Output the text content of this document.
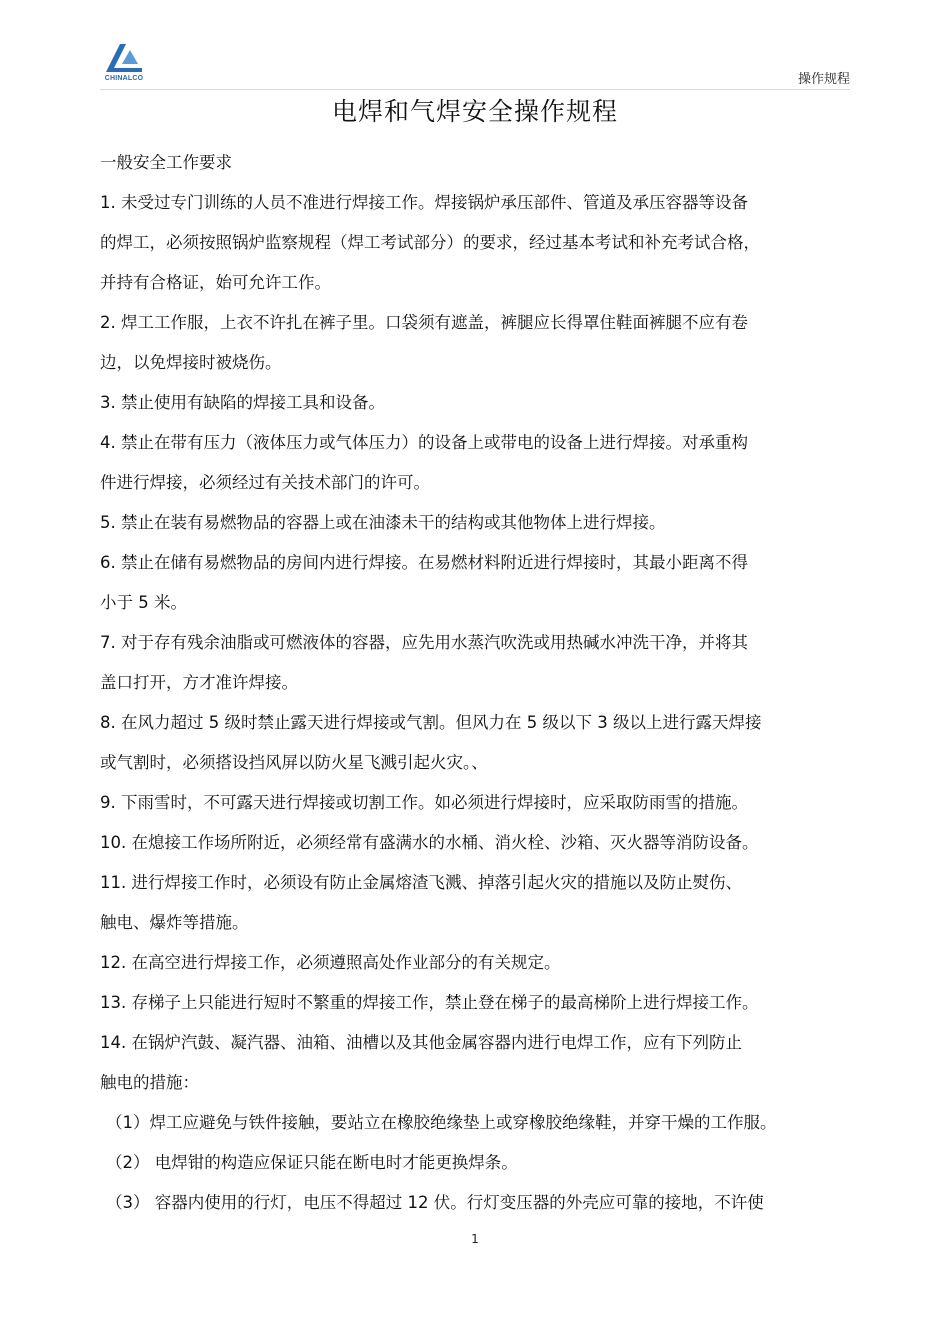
CHINALCO	操作规程
电焊和气焊安全操作规程
一般安全工作要求
1. 未受过专门训练的人员不准进行焊接工作。焊接锅炉承压部件、管道及承压容器等设备
的焊工，必须按照锅炉监察规程（焊工考试部分）的要求，经过基本考试和补充考试合格，
并持有合格证，始可允许工作。
2. 焊工工作服，上衣不许扎在裤子里。口袋须有遮盖，裤腿应长得罩住鞋面裤腿不应有卷
边，以免焊接时被烧伤。
3. 禁止使用有缺陷的焊接工具和设备。
4. 禁止在带有压力（液体压力或气体压力）的设备上或带电的设备上进行焊接。对承重构
件进行焊接，必须经过有关技术部门的许可。
5. 禁止在装有易燃物品的容器上或在油漆未干的结构或其他物体上进行焊接。
6. 禁止在储有易燃物品的房间内进行焊接。在易燃材料附近进行焊接时，其最小距离不得
小于 5 米。
7. 对于存有残余油脂或可燃液体的容器，应先用水蒸汽吹洗或用热碱水冲洗干净，并将其
盖口打开，方才准许焊接。
8. 在风力超过 5 级时禁止露天进行焊接或气割。但风力在 5 级以下 3 级以上进行露天焊接
或气割时，必须搭设挡风屏以防火星飞溅引起火灾。、
9. 下雨雪时，不可露天进行焊接或切割工作。如必须进行焊接时，应采取防雨雪的措施。
10. 在熄接工作场所附近，必须经常有盛满水的水桶、消火栓、沙箱、灭火器等消防设备。
11. 进行焊接工作时，必须设有防止金属熔渣飞溅、掉落引起火灾的措施以及防止熨伤、
触电、爆炸等措施。
12. 在高空进行焊接工作，必须遵照高处作业部分的有关规定。
13. 存梯子上只能进行短时不繁重的焊接工作，禁止登在梯子的最高梯阶上进行焊接工作。
14. 在锅炉汽鼓、凝汽器、油箱、油槽以及其他金属容器内进行电焊工作，应有下列防止
触电的措施：
（1）焊工应避免与铁件接触，要站立在橡胶绝缘垫上或穿橡胶绝缘鞋，并穿干燥的工作服。
（2） 电焊钳的构造应保证只能在断电时才能更换焊条。
（3） 容器内使用的行灯，电压不得超过 12 伏。行灯变压器的外壳应可靠的接地，不许使
1
